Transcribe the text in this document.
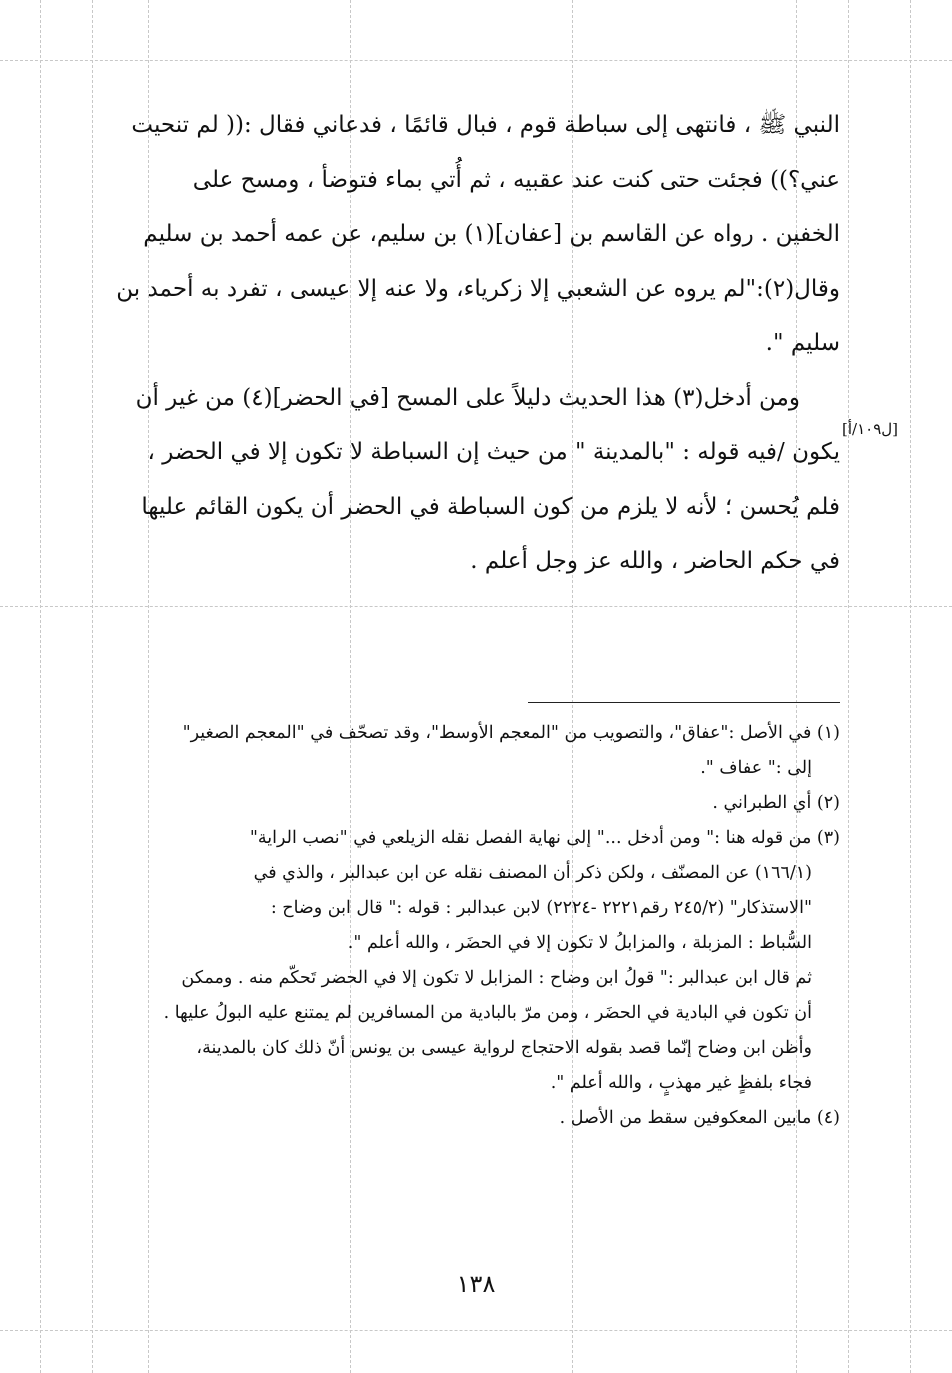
النبي ﷺ ، فانتهى إلى سباطة قوم ، فبال قائمًا ، فدعاني فقال :(( لم تنحيت

عني؟)) فجئت حتى كنت عند عقبيه ، ثم أُتي بماء فتوضأ ، ومسح على

الخفين . رواه عن القاسم بن [عفان](١) بن سليم، عن عمه أحمد بن سليم

وقال(٢):"لم يروه عن الشعبي إلا زكرياء، ولا عنه إلا عيسى ، تفرد به أحمد بن

سليم ".

ومن أدخل(٣) هذا الحديث دليلاً على المسح [في الحضر](٤) من غير أن

يكون /فيه قوله : "بالمدينة " من حيث إن السباطة لا تكون إلا في الحضر ،

فلم يُحسن ؛ لأنه لا يلزم من كون السباطة في الحضر أن يكون القائم عليها

في حكم الحاضر ، والله عز وجل أعلم .

[ل١٠٩/أ]

(١) في الأصل :"عفاق"، والتصويب من "المعجم الأوسط"، وقد تصحّف في "المعجم الصغير"

إلى :" عفاف ".

(٢) أي الطبراني .

(٣) من قوله هنا :" ومن أدخل ..." إلى نهاية الفصل نقله الزيلعي في "نصب الراية"

(١٦٦/١) عن المصنّف ، ولكن ذكر أن المصنف نقله عن ابن عبدالبر ، والذي في

"الاستذكار" (٢٤٥/٢ رقم٢٢٢١ -٢٢٢٤) لابن عبدالبر : قوله :" قال ابن وضاح :

السُّباط : المزبلة ، والمزابلُ لا تكون إلا في الحضَر ، والله أعلم ".

ثم قال ابن عبدالبر :" قولُ ابن وضاح : المزابل لا تكون إلا في الحضر تَحكّم منه . وممكن

أن تكون في البادية في الحضَر ، ومن مرّ بالبادية من المسافرين لم يمتنع عليه البولُ عليها .

وأظن ابن وضاح إنّما قصد بقوله الاحتجاج لرواية عيسى بن يونس أنّ ذلك كان بالمدينة،

فجاء بلفظٍ غير مهذبٍ ، والله أعلم ".

(٤) مابين المعكوفين سقط من الأصل .

١٣٨
